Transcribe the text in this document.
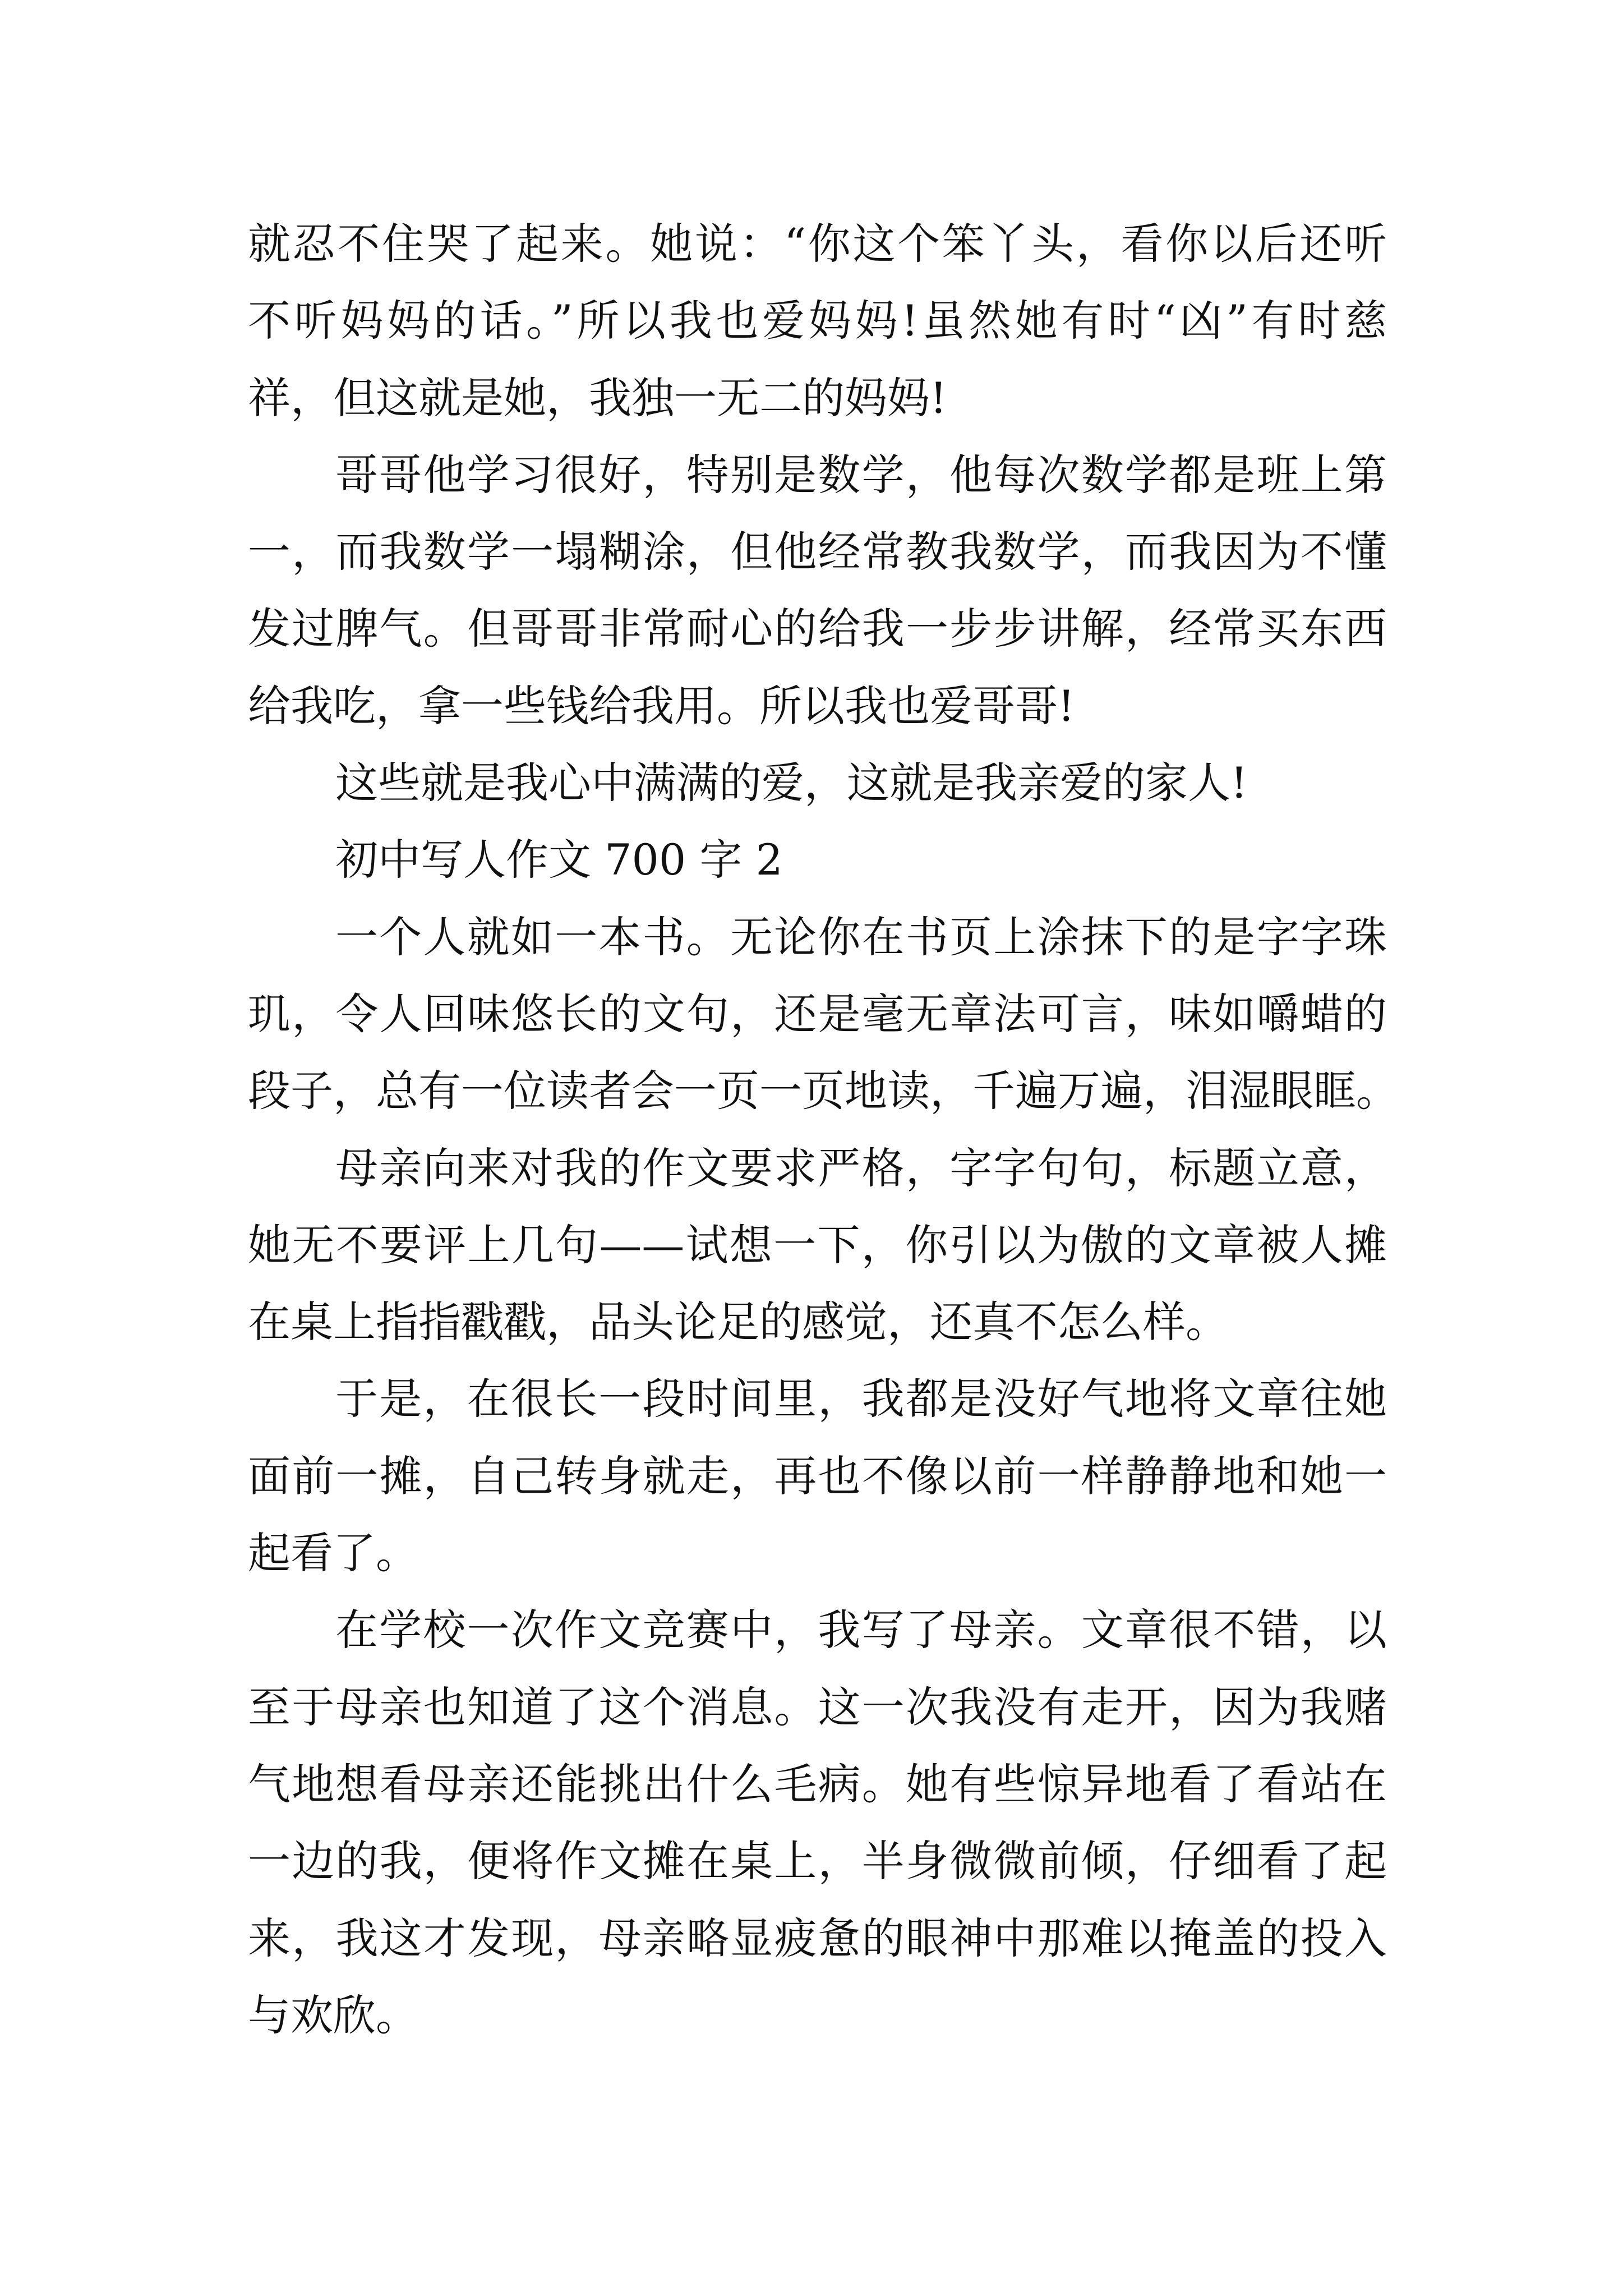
就忍不住哭了起来。她说：“你这个笨丫头，看你以后还听
不听妈妈的话。”所以我也爱妈妈!虽然她有时“凶”有时慈
祥，但这就是她，我独一无二的妈妈!
哥哥他学习很好，特别是数学，他每次数学都是班上第
一，而我数学一塌糊涂，但他经常教我数学，而我因为不懂
发过脾气。但哥哥非常耐心的给我一步步讲解，经常买东西
给我吃，拿一些钱给我用。所以我也爱哥哥!
这些就是我心中满满的爱，这就是我亲爱的家人!
初中写人作文 700 字 2
一个人就如一本书。无论你在书页上涂抹下的是字字珠
玑，令人回味悠长的文句，还是毫无章法可言，味如嚼蜡的
段子，总有一位读者会一页一页地读，千遍万遍，泪湿眼眶。
母亲向来对我的作文要求严格，字字句句，标题立意，
她无不要评上几句——试想一下，你引以为傲的文章被人摊
在桌上指指戳戳，品头论足的感觉，还真不怎么样。
于是，在很长一段时间里，我都是没好气地将文章往她
面前一摊，自己转身就走，再也不像以前一样静静地和她一
起看了。
在学校一次作文竞赛中，我写了母亲。文章很不错，以
至于母亲也知道了这个消息。这一次我没有走开，因为我赌
气地想看母亲还能挑出什么毛病。她有些惊异地看了看站在
一边的我，便将作文摊在桌上，半身微微前倾，仔细看了起
来，我这才发现，母亲略显疲惫的眼神中那难以掩盖的投入
与欢欣。
